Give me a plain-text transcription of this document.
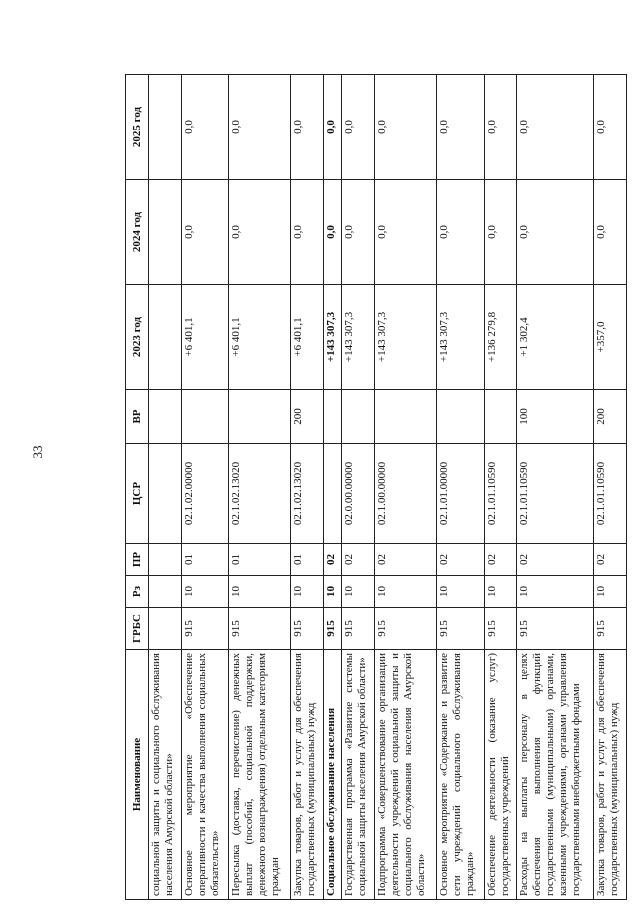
33
Наименование	ГРБС	Рз	ПР	ЦСР	ВР	2023 год	2024 год	2025 год
социальной защиты и социального обслуживания населения Амурской области»								
Основное мероприятие «Обеспечение оперативности и качества выполнения социальных обязательств»	915	10	01	02.1.02.00000		+6 401,1	0,0	0,0
Пересылка (доставка, перечисление) денежных выплат (пособий, социальной поддержки, денежного вознаграждения) отдельным категориям граждан	915	10	01	02.1.02.13020		+6 401,1	0,0	0,0
Закупка товаров, работ и услуг для обеспечения государственных (муниципальных) нужд	915	10	01	02.1.02.13020	200	+6 401,1	0,0	0,0
Социальное обслуживание населения	915	10	02			+143 307,3	0,0	0,0
Государственная программа «Развитие системы социальной защиты населения Амурской области»	915	10	02	02.0.00.00000		+143 307,3	0,0	0,0
Подпрограмма «Совершенствование организации деятельности учреждений социальной защиты и социального обслуживания населения Амурской области»	915	10	02	02.1.00.00000		+143 307,3	0,0	0,0
Основное мероприятие «Содержание и развитие сети учреждений социального обслуживания граждан»	915	10	02	02.1.01.00000		+143 307,3	0,0	0,0
Обеспечение деятельности (оказание услуг) государственных учреждений	915	10	02	02.1.01.10590		+136 279,8	0,0	0,0
Расходы на выплаты персоналу в целях обеспечения выполнения функций государственными (муниципальными) органами, казенными учреждениями, органами управления государственными внебюджетными фондами	915	10	02	02.1.01.10590	100	+1 302,4	0,0	0,0
Закупка товаров, работ и услуг для обеспечения государственных (муниципальных) нужд	915	10	02	02.1.01.10590	200	+357,0	0,0	0,0
